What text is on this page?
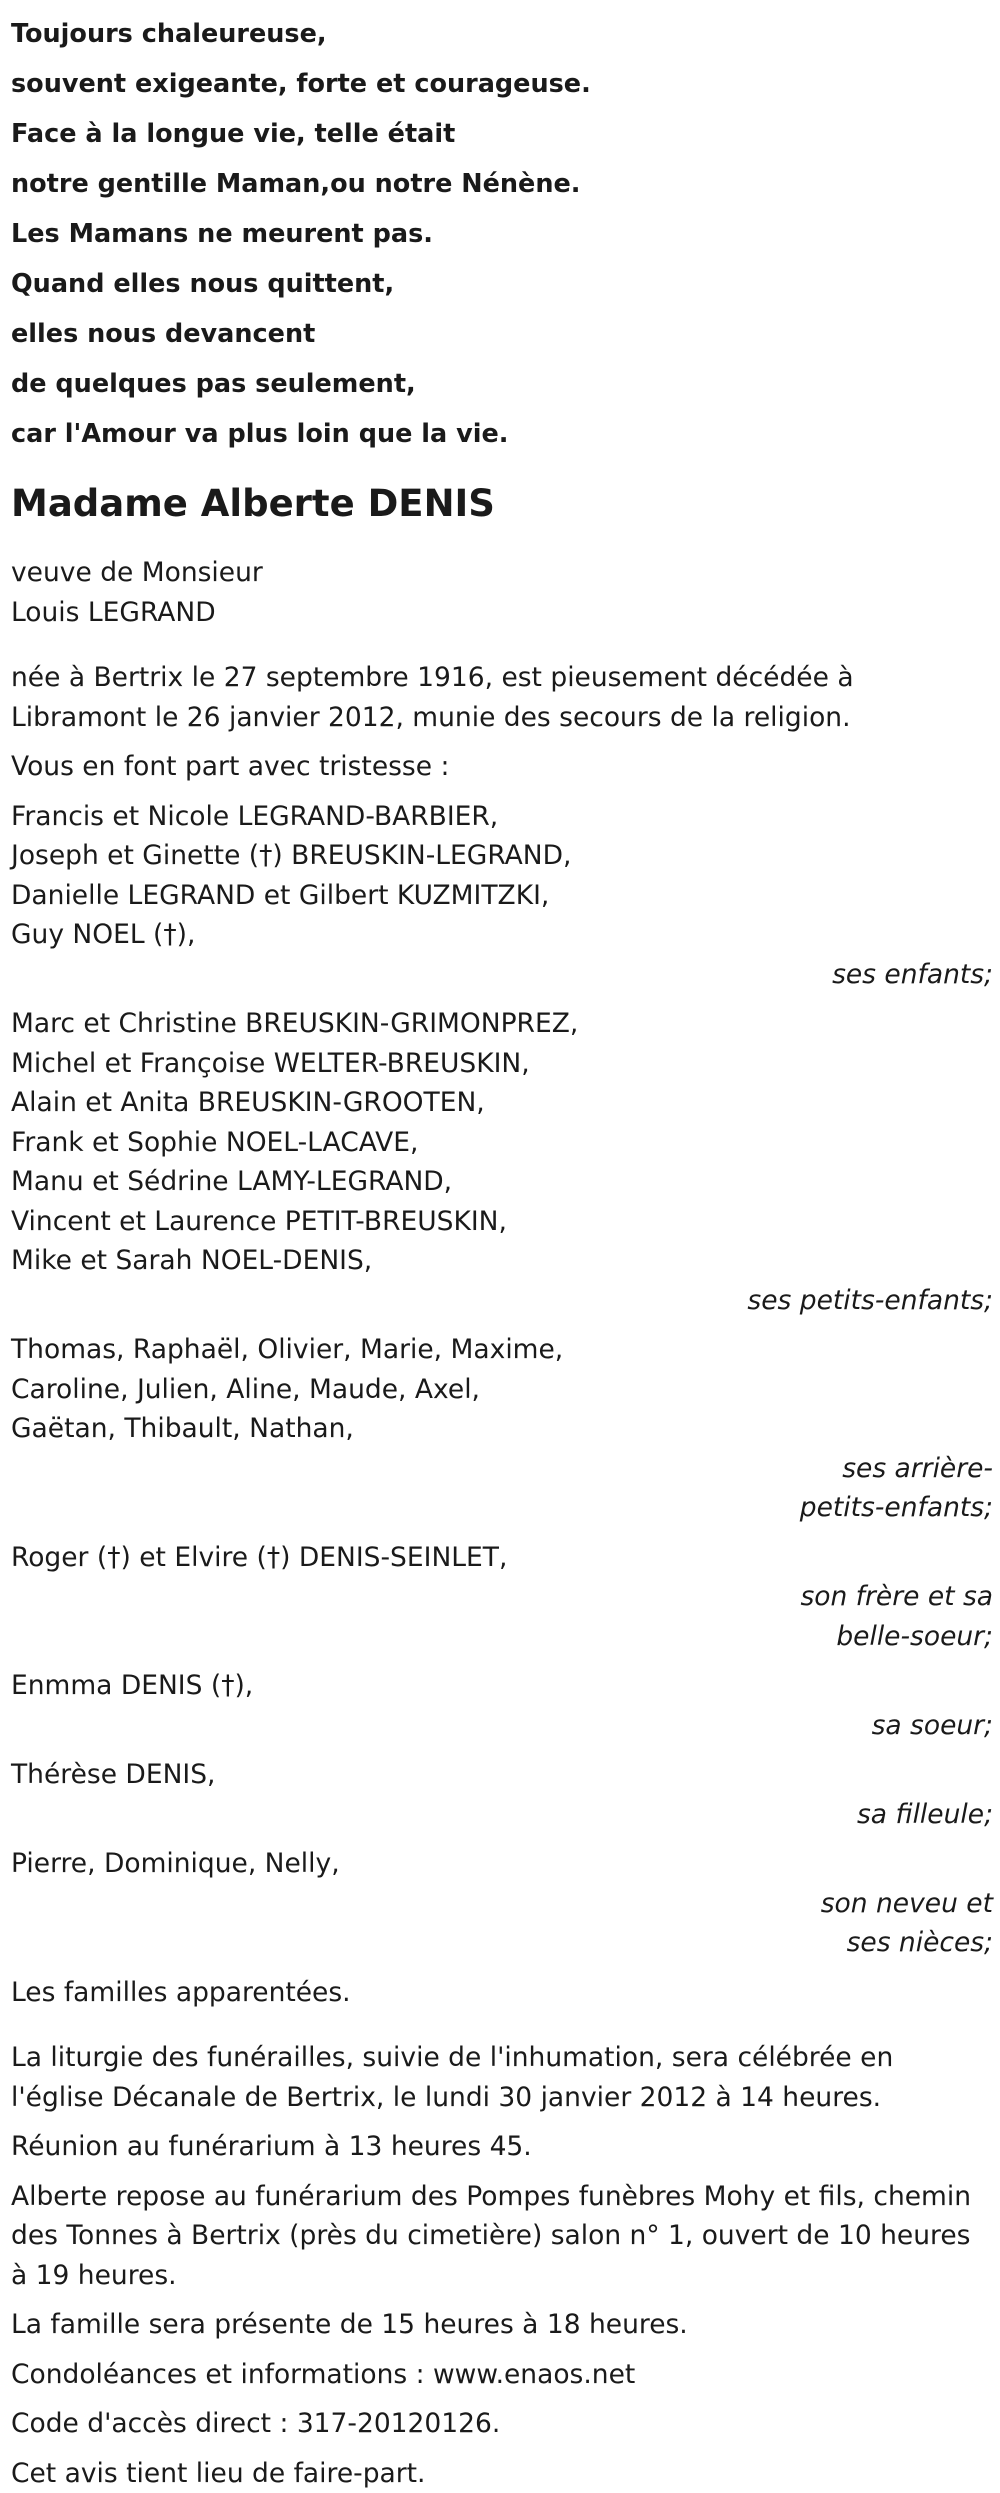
Toujours chaleureuse,
souvent exigeante, forte et courageuse.
Face à la longue vie, telle était
notre gentille Maman,ou notre Nénène.
Les Mamans ne meurent pas.
Quand elles nous quittent,
elles nous devancent
de quelques pas seulement,
car l'Amour va plus loin que la vie.
Madame Alberte DENIS
veuve de Monsieur
Louis LEGRAND
née à Bertrix le 27 septembre 1916, est pieusement décédée à Libramont le 26 janvier 2012, munie des secours de la religion.
Vous en font part avec tristesse :
Francis et Nicole LEGRAND-BARBIER,
Joseph et Ginette (†) BREUSKIN-LEGRAND,
Danielle LEGRAND et Gilbert KUZMITZKI,
Guy NOEL (†),
ses enfants;
Marc et Christine BREUSKIN-GRIMONPREZ,
Michel et Françoise WELTER-BREUSKIN,
Alain et Anita BREUSKIN-GROOTEN,
Frank et Sophie NOEL-LACAVE,
Manu et Sédrine LAMY-LEGRAND,
Vincent et Laurence PETIT-BREUSKIN,
Mike et Sarah NOEL-DENIS,
ses petits-enfants;
Thomas, Raphaël, Olivier, Marie, Maxime,
Caroline, Julien, Aline, Maude, Axel,
Gaëtan, Thibault, Nathan,
ses arrière-petits-enfants;
Roger (†) et Elvire (†) DENIS-SEINLET,
son frère et sa belle-soeur;
Enmma DENIS (†),
sa soeur;
Thérèse DENIS,
sa filleule;
Pierre, Dominique, Nelly,
son neveu et ses nièces;
Les familles apparentées.
La liturgie des funérailles, suivie de l'inhumation, sera célébrée en l'église Décanale de Bertrix, le lundi 30 janvier 2012 à 14 heures.
Réunion au funérarium à 13 heures 45.
Alberte repose au funérarium des Pompes funèbres Mohy et fils, chemin des Tonnes à Bertrix (près du cimetière) salon n° 1, ouvert de 10 heures à 19 heures.
La famille sera présente de 15 heures à 18 heures.
Condoléances et informations : www.enaos.net
Code d'accès direct : 317-20120126.
Cet avis tient lieu de faire-part.
